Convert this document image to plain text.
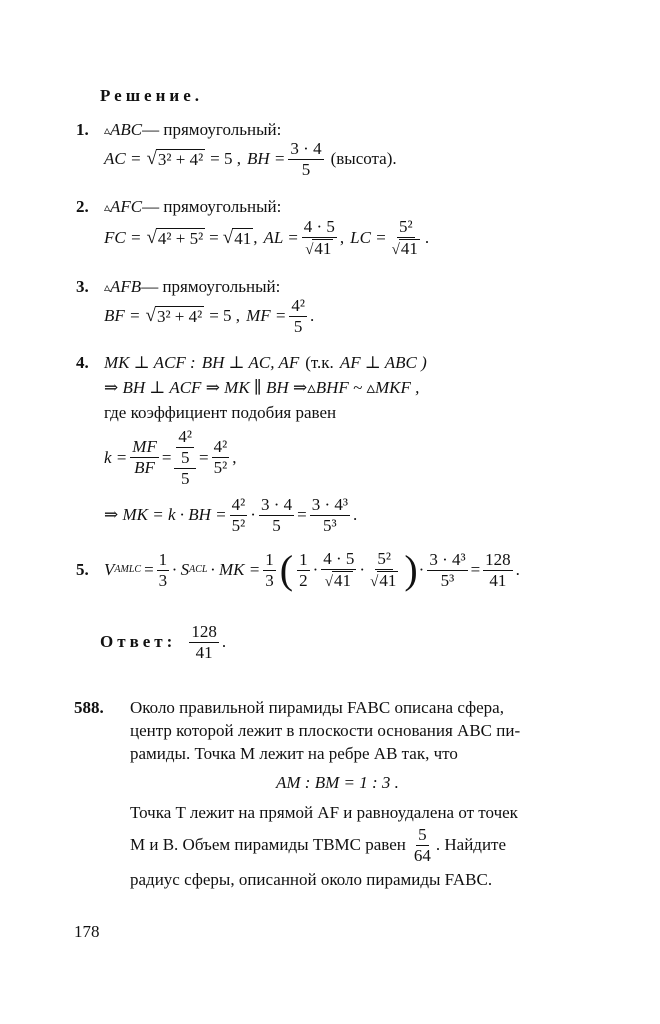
Решение.
1.	▵ ABC — прямоугольный:
AC = √ 3² + 4² = 5 , BH = $\frac{3 \cdot 4}{5}$ (высота).
2.	▵ AFC — прямоугольный:
FC = √ 4² + 5² = √ 41 , AL = $\frac{4 \cdot 5}{√41}$ , LC = $\frac{\text{5²}}{√41}$ .
3.	▵ AFB — прямоугольный:
BF = √ 3² + 4² = 5 , MF = $\frac{\text{4²}}{5}$ .
4. MK ⊥ ACF : BH ⊥ AC, AF (т.к. AF ⊥ ABC )
⇒ BH ⊥ ACF ⇒ MK ∥ BH ⇒▵BHF ~ ▵MKF ,
где коэффициент подобия равен
$k = \frac{MF}{BF} = \frac{\frac{\text{4²}}{5}}{5} = \frac{\text{4²}}{\text{5²}}$ ,
⇒ MK = k · BH = $\frac{\text{4²}}{\text{5²}} \cdot \frac{3 \cdot 4}{5} = \frac{\text{3 · 4³}}{\text{5³}}$ .
5. V AMLC = $\frac{1}{3} \cdot S$ ACL · MK = $\frac{1}{3}$ ( $\frac{1}{2} \cdot \frac{4 \cdot 5}{√41} \cdot \frac{\text{5²}}{√41}$ ) · $\frac{\text{3 · 4³}}{\text{5³}} = \frac{128}{41}$ .
Ответ: $\frac{128}{41}$ .
588. Около правильной пирамиды FABC описана сфера,
центр которой лежит в плоскости основания ABC пи-
рамиды. Точка M лежит на ребре AB так, что
AM : BM = 1 : 3 .
Точка T лежит на прямой AF и равноудалена от точек
M и B. Объем пирамиды TBMC равен $\frac{5}{64}$ . Найдите
радиус сферы, описанной около пирамиды FABC.
178
